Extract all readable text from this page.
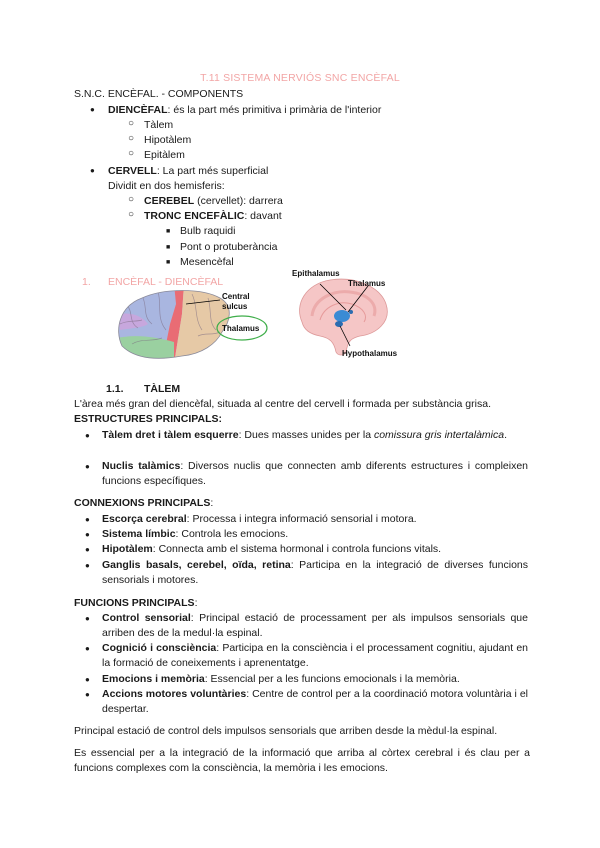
T.11 SISTEMA NERVIÓS SNC ENCÈFAL
S.N.C. ENCÈFAL. - COMPONENTS
● DIENCÈFAL: és la part més primitiva i primària de l'interior
○ Tàlem
○ Hipotàlem
○ Epitàlem
● CERVELL: La part més superficial
Dividit en dos hemisferis:
○ CEREBEL (cervellet): darrera
○ TRONC ENCEFÀLIC: davant
■ Bulb raquidi
■ Pont o protuberància
■ Mesencèfal
1. ENCÈFAL - DIENCÈFAL
Central
sulcus
Thalamus
Epithalamus
Thalamus
Hypothalamus
1.1. TÀLEM
L'àrea més gran del diencèfal, situada al centre del cervell i formada per substància grisa.
ESTRUCTURES PRINCIPALS:
● Tàlem dret i tàlem esquerre: Dues masses unides per la comissura gris intertalàmica.
● Nuclis talàmics: Diversos nuclis que connecten amb diferents estructures i compleixen funcions específiques.
CONNEXIONS PRINCIPALS:
● Escorça cerebral: Processa i integra informació sensorial i motora.
● Sistema límbic: Controla les emocions.
● Hipotàlem: Connecta amb el sistema hormonal i controla funcions vitals.
● Ganglis basals, cerebel, oïda, retina: Participa en la integració de diverses funcions sensorials i motores.
FUNCIONS PRINCIPALS:
● Control sensorial: Principal estació de processament per als impulsos sensorials que arriben des de la medul·la espinal.
● Cognició i consciència: Participa en la consciència i el processament cognitiu, ajudant en la formació de coneixements i aprenentatge.
● Emocions i memòria: Essencial per a les funcions emocionals i la memòria.
● Accions motores voluntàries: Centre de control per a la coordinació motora voluntària i el despertar.
Principal estació de control dels impulsos sensorials que arriben desde la mèdul·la espinal.
Es essencial per a la integració de la informació que arriba al còrtex cerebral i és clau per a funcions complexes com la consciència, la memòria i les emocions.
